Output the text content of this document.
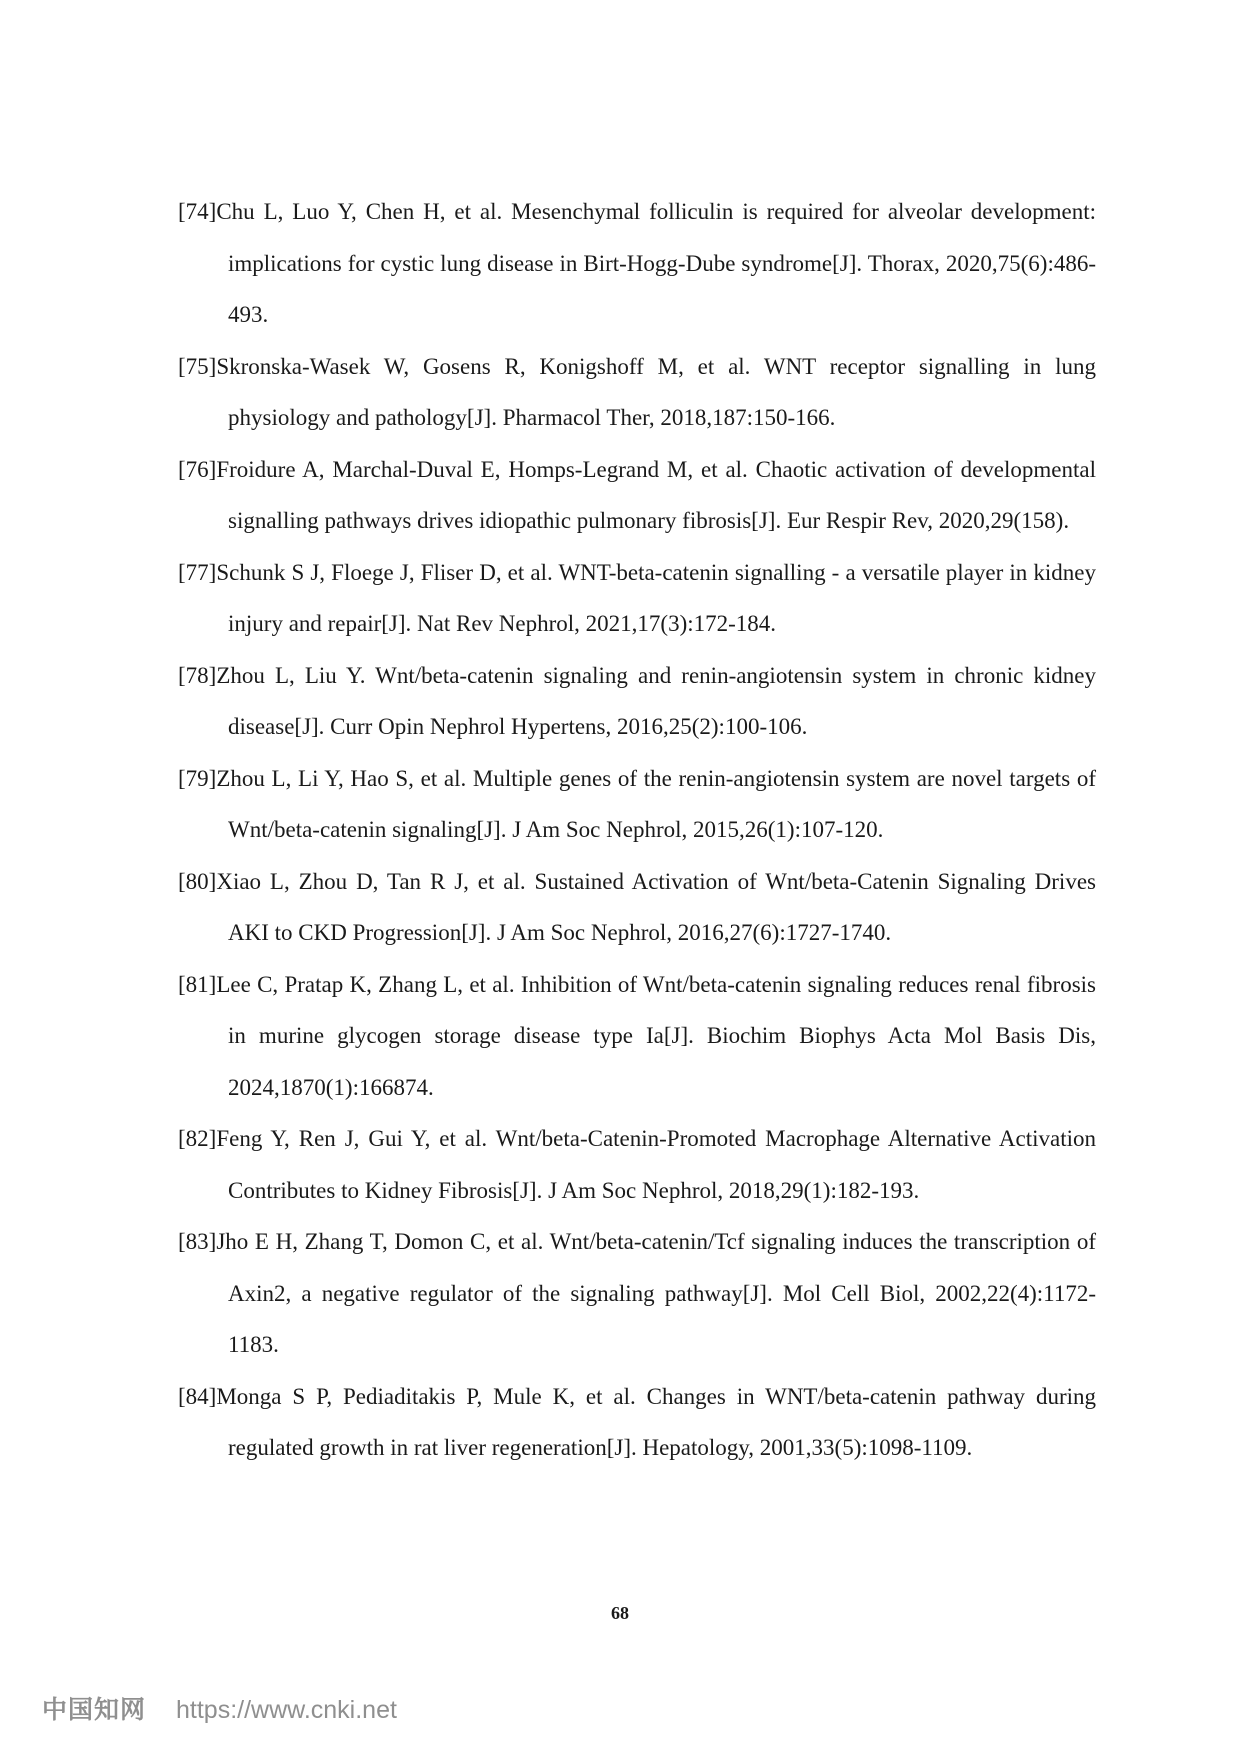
[74]Chu L, Luo Y, Chen H, et al. Mesenchymal folliculin is required for alveolar development: implications for cystic lung disease in Birt-Hogg-Dube syndrome[J]. Thorax, 2020,75(6):486-493.

[75]Skronska-Wasek W, Gosens R, Konigshoff M, et al. WNT receptor signalling in lung physiology and pathology[J]. Pharmacol Ther, 2018,187:150-166.

[76]Froidure A, Marchal-Duval E, Homps-Legrand M, et al. Chaotic activation of developmental signalling pathways drives idiopathic pulmonary fibrosis[J]. Eur Respir Rev, 2020,29(158).

[77]Schunk S J, Floege J, Fliser D, et al. WNT-beta-catenin signalling - a versatile player in kidney injury and repair[J]. Nat Rev Nephrol, 2021,17(3):172-184.

[78]Zhou L, Liu Y. Wnt/beta-catenin signaling and renin-angiotensin system in chronic kidney disease[J]. Curr Opin Nephrol Hypertens, 2016,25(2):100-106.

[79]Zhou L, Li Y, Hao S, et al. Multiple genes of the renin-angiotensin system are novel targets of Wnt/beta-catenin signaling[J]. J Am Soc Nephrol, 2015,26(1):107-120.

[80]Xiao L, Zhou D, Tan R J, et al. Sustained Activation of Wnt/beta-Catenin Signaling Drives AKI to CKD Progression[J]. J Am Soc Nephrol, 2016,27(6):1727-1740.

[81]Lee C, Pratap K, Zhang L, et al. Inhibition of Wnt/beta-catenin signaling reduces renal fibrosis in murine glycogen storage disease type Ia[J]. Biochim Biophys Acta Mol Basis Dis, 2024,1870(1):166874.

[82]Feng Y, Ren J, Gui Y, et al. Wnt/beta-Catenin-Promoted Macrophage Alternative Activation Contributes to Kidney Fibrosis[J]. J Am Soc Nephrol, 2018,29(1):182-193.

[83]Jho E H, Zhang T, Domon C, et al. Wnt/beta-catenin/Tcf signaling induces the transcription of Axin2, a negative regulator of the signaling pathway[J]. Mol Cell Biol, 2002,22(4):1172-1183.

[84]Monga S P, Pediaditakis P, Mule K, et al. Changes in WNT/beta-catenin pathway during regulated growth in rat liver regeneration[J]. Hepatology, 2001,33(5):1098-1109.

68
中国知网 https://www.cnki.net
